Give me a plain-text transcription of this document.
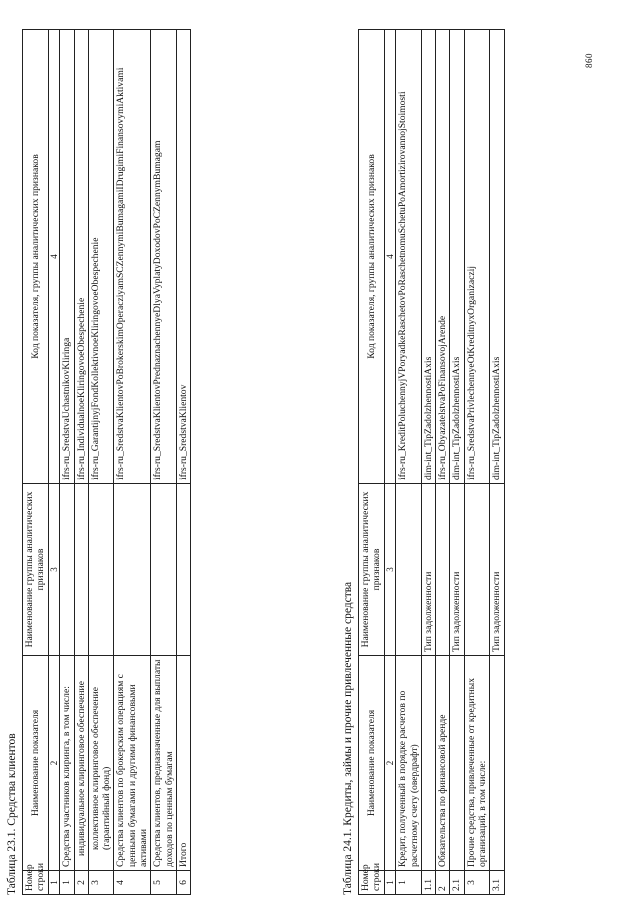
860
Таблица 23.1. Средства клиентов Номер строки	Наименование показателя	Наименование группы аналитических признаков	Код показателя, группы аналитических признаков
1	2	3	4
1	Средства участников клиринга, в том числе:		ifrs-ru_SredstvaUchastnikovKliringa
2	индивидуальное клиринговое обеспечение		ifrs-ru_IndividualnoeKliringovoeObespechenie
3	коллективное клиринговое обеспечение (гарантийный фонд)		ifrs-ru_GarantijnyjFondKollektivnoeKliringovoeObespechenie
4	Средства клиентов по брокерским операциям с ценными бумагами и другими финансовыми активами		ifrs-ru_SredstvaKlientovPoBrokerskimOperacziyamSCZennymiBumagamiIDrugimiFinansovymiAktivami
5	Средства клиентов, предназначенные для выплаты доходов по ценным бумагам		ifrs-ru_SredstvaKlientovPrednaznachennyeDlyaVyplatyDoxodovPoCZennymBumagam
6	Итого		ifrs-ru_SredstvaKlientov
Таблица 24.1. Кредиты, займы и прочие привлеченные средства Номер строки	Наименование показателя	Наименование группы аналитических признаков	Код показателя, группы аналитических признаков
1	2	3	4
1	Кредит, полученный в порядке расчетов по расчетному счету (овердрафт)		ifrs-ru_KreditPoluchennyjVPoryadkeRaschetovPoRaschetnomuSchetuPoAmortizirovannojStoimosti
1.1		Тип задолженности	dim-int_TipZadolzhennostiAxis
2	Обязательства по финансовой аренде		ifrs-ru_ObyazatelstvaPoFinansovojArende
2.1		Тип задолженности	dim-int_TipZadolzhennostiAxis
3	Прочие средства, привлеченные от кредитных организаций, в том числе:		ifrs-ru_SredstvaPrivlechennyeOtKreditnyxOrganizaczij
3.1		Тип задолженности	dim-int_TipZadolzhennostiAxis
